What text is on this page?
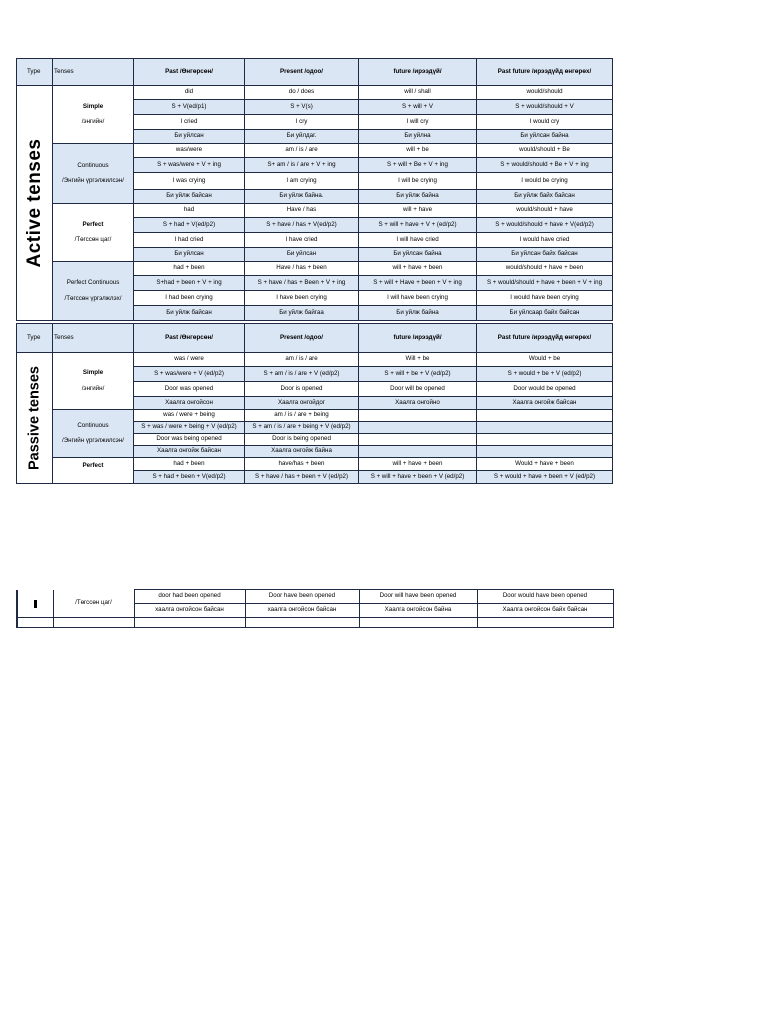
Type	Tenses	Past /Өнгөрсөн/	Present /одоо/	future /ирээдүй/	Past future /ирээдүйд өнгөрөх/

Active tenses	Simple
/энгийн/	did	do / does	will / shall	would/should
		S + V(ed/p1)	S + V(s)	S + will + V	S + would/should + V
		I cried	I cry	I will cry	I would cry
		Би уйлсан	Би уйлдаг.	Би уйлна	Би уйлсан байна

	Continuous
/Энгийн үргэлжилсэн/	was/were	am / is / are	will + be	would/should + Be
		S + was/were + V + ing	S+ am / is / are + V + ing	S + will + Be + V + ing	S + would/should + Be + V + ing
		I was crying	I am crying	I will be crying	I would be crying
		Би уйлж байсан	Би уйлж байна.	Би уйлж байна	Би уйлж байх байсан

	Perfect
/Төгссөн цаг/	had	Have / has	will + have	would/should + have
		S + had + V(ed/p2)	S + have / has + V(ed/p2)	S + will + have + V + (ed/p2)	S + would/should + have + V(ed/p2)
		I had cried	I have cried	I will have cried	I would have cried
		Би уйлсан	Би уйлсан	Би уйлсан байна	Би уйлсан байх байсан

	Perfect Continuous
/Төгссөн үргэлжлэх/	had + been	Have / has + been	will + have + been	would/should + have + been
		S+had + been + V + ing	S + have / has + Been + V + ing	S + will + Have + been + V + ing	S + would/should + have + been + V + ing
		I had been crying	I have been crying	I will have been crying	I would have been crying
		Би уйлж байсан	Би уйлж байгаа	Би уйлж байна	Би уйлсаар байх байсан
Type	Tenses	Past /Өнгөрсөн/	Present /одоо/	future /ирээдүй/	Past future /ирээдүйд өнгөрөх/

Passive tenses	Simple
/энгийн/	was / were	am / is / are	Will + be	Would + be
		S + was/were + V (ed/p2)	S + am / is / are + V (ed/p2)	S + will + be + V (ed/p2)	S + would + be + V (ed/p2)
		Door was opened	Door is opened	Door will be opened	Door would be opened
		Хаалга онгойсон	Хаалга онгойдог	Хаалга онгойно	Хаалга онгойж байсан

	Continuous
/Энгийн үргэлжилсэн/	was / were + being	am / is / are + being		
		S + was / were + being + V (ed/p2)	S + am / is / are + being + V (ed/p2)		
		Door was being opened	Door is being opened		
		Хаалга онгойж байсан	Хаалга онгойж байна		

	Perfect	had + been	have/has + been	will + have + been	Would + have + been
		S + had + been + V(ed/p2)	S + have / has + been + V (ed/p2)	S + will + have + been + V (ed/p2)	S + would + have + been + V (ed/p2)
	/Төгссөн цаг/	door had been opened	Door have been opened	Door will have been opened	Door would have been opened
		хаалга онгойсон байсан	хаалга онгойсон байсан	Хаалга онгойсон байна	Хаалга онгойсон байх байсан
